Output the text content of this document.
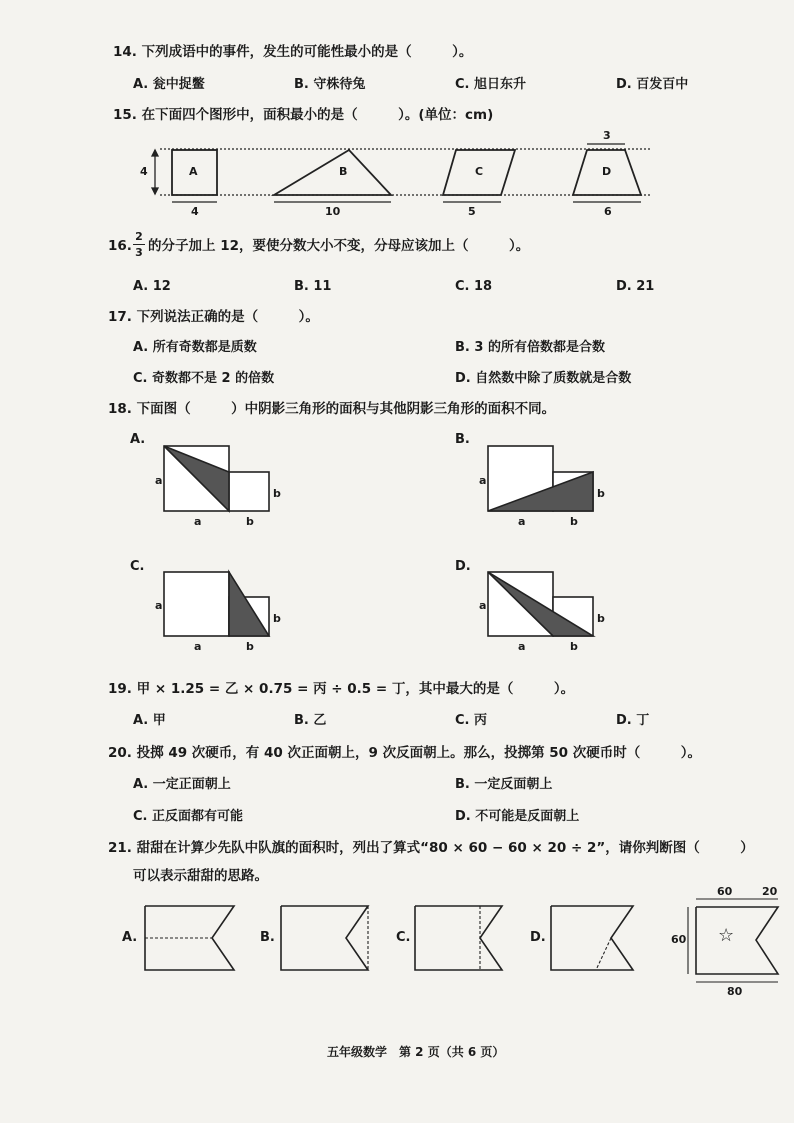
14. 下列成语中的事件，发生的可能性最小的是（　　　）。
A. 瓮中捉鳖	B. 守株待兔	C. 旭日东升	D. 百发百中
15. 在下面四个图形中，面积最小的是（　　　）。(单位：cm)
4	A	B	C	D
4	10	5	6
3
16.
2
3 的分子加上 12，要使分数大小不变，分母应该加上（　　　）。
A. 12	B. 11	C. 18	D. 21
17. 下列说法正确的是（　　　）。
A. 所有奇数都是质数	B. 3 的所有倍数都是合数
C. 奇数都不是 2 的倍数	D. 自然数中除了质数就是合数
18. 下面图（　　　）中阴影三角形的面积与其他阴影三角形的面积不同。
A.	B.
C.	D.
a
a	b
b
a
a	b
b
a
a	b
b
a
a	b
b
19. 甲 × 1.25 = 乙 × 0.75 = 丙 ÷ 0.5 = 丁，其中最大的是（　　　）。
A. 甲	B. 乙	C. 丙	D. 丁
20. 投掷 49 次硬币，有 40 次正面朝上，9 次反面朝上。那么，投掷第 50 次硬币时（　　　）。
A. 一定正面朝上	B. 一定反面朝上
C. 正反面都有可能	D. 不可能是反面朝上
21. 甜甜在计算少先队中队旗的面积时，列出了算式“80 × 60 − 60 × 20 ÷ 2”，请你判断图（　　　）
可以表示甜甜的思路。
A.	B.	C.	D.
60	20
60
80
☆
五年级数学　第 2 页（共 6 页）
